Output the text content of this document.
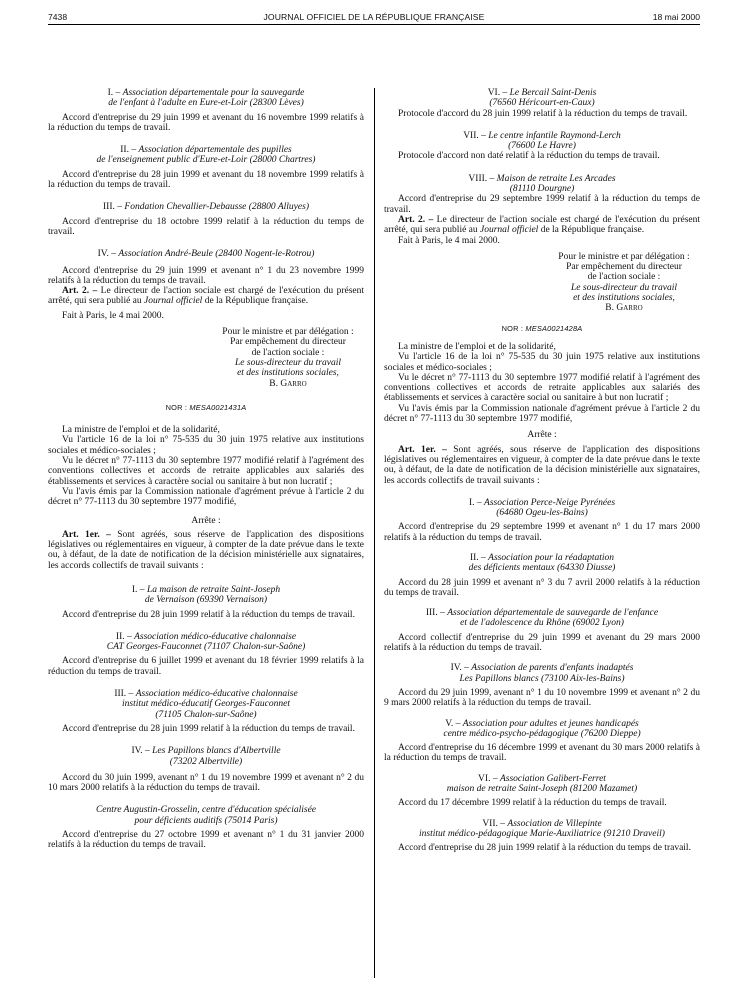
7438	JOURNAL OFFICIEL DE LA RÉPUBLIQUE FRANÇAISE	18 mai 2000
I. – Association départementale pour la sauvegarde
de l'enfant à l'adulte en Eure-et-Loir (28300 Lèves)
Accord d'entreprise du 29 juin 1999 et avenant du 16 novembre 1999 relatifs à la réduction du temps de travail.
II. – Association départementale des pupilles
de l'enseignement public d'Eure-et-Loir (28000 Chartres)
Accord d'entreprise du 28 juin 1999 et avenant du 18 novembre 1999 relatifs à la réduction du temps de travail.
III. – Fondation Chevallier-Debausse (28800 Alluyes)
Accord d'entreprise du 18 octobre 1999 relatif à la réduction du temps de travail.
IV. – Association André-Beule (28400 Nogent-le-Rotrou)
Accord d'entreprise du 29 juin 1999 et avenant n° 1 du 23 novembre 1999 relatifs à la réduction du temps de travail.
Art. 2. – Le directeur de l'action sociale est chargé de l'exécution du présent arrêté, qui sera publié au Journal officiel de la République française.
Fait à Paris, le 4 mai 2000.
Pour le ministre et par délégation :
Par empêchement du directeur
de l'action sociale :
Le sous-directeur du travail
et des institutions sociales,
B. Garro
NOR : MESA0021431A
La ministre de l'emploi et de la solidarité,
Vu l'article 16 de la loi n° 75-535 du 30 juin 1975 relative aux institutions sociales et médico-sociales ;
Vu le décret n° 77-1113 du 30 septembre 1977 modifié relatif à l'agrément des conventions collectives et accords de retraite applicables aux salariés des établissements et services à caractère social ou sanitaire à but non lucratif ;
Vu l'avis émis par la Commission nationale d'agrément prévue à l'article 2 du décret n° 77-1113 du 30 septembre 1977 modifié,
Arrête :
Art. 1er. – Sont agréés, sous réserve de l'application des dispositions législatives ou réglementaires en vigueur, à compter de la date prévue dans le texte ou, à défaut, de la date de notification de la décision ministérielle aux signataires, les accords collectifs de travail suivants :
I. – La maison de retraite Saint-Joseph
de Vernaison (69390 Vernaison)
Accord d'entreprise du 28 juin 1999 relatif à la réduction du temps de travail.
II. – Association médico-éducative chalonnaise
CAT Georges-Fauconnet (71107 Chalon-sur-Saône)
Accord d'entreprise du 6 juillet 1999 et avenant du 18 février 1999 relatifs à la réduction du temps de travail.
III. – Association médico-éducative chalonnaise
institut médico-éducatif Georges-Fauconnet
(71105 Chalon-sur-Saône)
Accord d'entreprise du 28 juin 1999 relatif à la réduction du temps de travail.
IV. – Les Papillons blancs d'Albertville
(73202 Albertville)
Accord du 30 juin 1999, avenant n° 1 du 19 novembre 1999 et avenant n° 2 du 10 mars 2000 relatifs à la réduction du temps de travail.
Centre Augustin-Grosselin, centre d'éducation spécialisée
pour déficients auditifs (75014 Paris)
Accord d'entreprise du 27 octobre 1999 et avenant n° 1 du 31 janvier 2000 relatifs à la réduction du temps de travail.
VI. – Le Bercail Saint-Denis
(76560 Héricourt-en-Caux)
Protocole d'accord du 28 juin 1999 relatif à la réduction du temps de travail.
VII. – Le centre infantile Raymond-Lerch
(76600 Le Havre)
Protocole d'accord non daté relatif à la réduction du temps de travail.
VIII. – Maison de retraite Les Arcades
(81110 Dourgne)
Accord d'entreprise du 29 septembre 1999 relatif à la réduction du temps de travail.
Art. 2. – Le directeur de l'action sociale est chargé de l'exécution du présent arrêté, qui sera publié au Journal officiel de la République française.
Fait à Paris, le 4 mai 2000.
Pour le ministre et par délégation :
Par empêchement du directeur
de l'action sociale :
Le sous-directeur du travail
et des institutions sociales,
B. Garro
NOR : MESA0021428A
La ministre de l'emploi et de la solidarité,
Vu l'article 16 de la loi n° 75-535 du 30 juin 1975 relative aux institutions sociales et médico-sociales ;
Vu le décret n° 77-1113 du 30 septembre 1977 modifié relatif à l'agrément des conventions collectives et accords de retraite applicables aux salariés des établissements et services à caractère social ou sanitaire à but non lucratif ;
Vu l'avis émis par la Commission nationale d'agrément prévue à l'article 2 du décret n° 77-1113 du 30 septembre 1977 modifié,
Arrête :
Art. 1er. – Sont agréés, sous réserve de l'application des dispositions législatives ou réglementaires en vigueur, à compter de la date prévue dans le texte ou, à défaut, de la date de notification de la décision ministérielle aux signataires, les accords collectifs de travail suivants :
I. – Association Perce-Neige Pyrénées
(64680 Ogeu-les-Bains)
Accord d'entreprise du 29 septembre 1999 et avenant n° 1 du 17 mars 2000 relatifs à la réduction du temps de travail.
II. – Association pour la réadaptation
des déficients mentaux (64330 Diusse)
Accord du 28 juin 1999 et avenant n° 3 du 7 avril 2000 relatifs à la réduction du temps de travail.
III. – Association départementale de sauvegarde de l'enfance
et de l'adolescence du Rhône (69002 Lyon)
Accord collectif d'entreprise du 29 juin 1999 et avenant du 29 mars 2000 relatifs à la réduction du temps de travail.
IV. – Association de parents d'enfants inadaptés
Les Papillons blancs (73100 Aix-les-Bains)
Accord du 29 juin 1999, avenant n° 1 du 10 novembre 1999 et avenant n° 2 du 9 mars 2000 relatifs à la réduction du temps de travail.
V. – Association pour adultes et jeunes handicapés
centre médico-psycho-pédagogique (76200 Dieppe)
Accord d'entreprise du 16 décembre 1999 et avenant du 30 mars 2000 relatifs à la réduction du temps de travail.
VI. – Association Galibert-Ferret
maison de retraite Saint-Joseph (81200 Mazamet)
Accord du 17 décembre 1999 relatif à la réduction du temps de travail.
VII. – Association de Villepinte
institut médico-pédagogique Marie-Auxiliatrice (91210 Draveil)
Accord d'entreprise du 28 juin 1999 relatif à la réduction du temps de travail.
